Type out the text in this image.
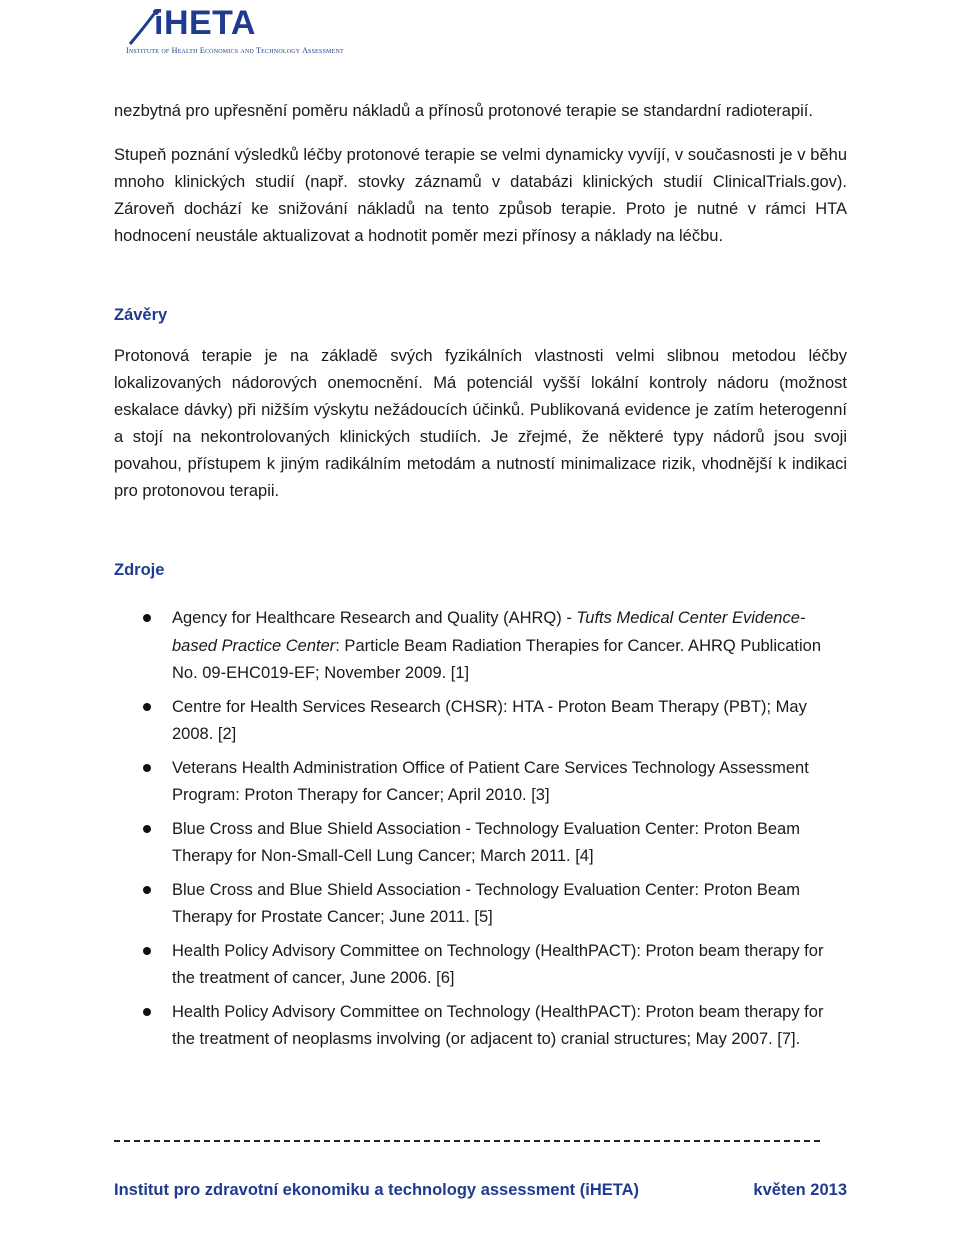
iHETA
Institute of Health Economics and Technology Assessment

nezbytná pro upřesnění poměru nákladů a přínosů protonové terapie se standardní radioterapií.

Stupeň poznání výsledků léčby protonové terapie se velmi dynamicky vyvíjí, v současnosti je v běhu mnoho klinických studií (např. stovky záznamů v databázi klinických studií ClinicalTrials.gov). Zároveň dochází ke snižování nákladů na tento způsob terapie. Proto je nutné v rámci HTA hodnocení neustále aktualizovat a hodnotit poměr mezi přínosy a náklady na léčbu.

Závěry

Protonová terapie je na základě svých fyzikálních vlastnosti velmi slibnou metodou léčby lokalizovaných nádorových onemocnění. Má potenciál vyšší lokální kontroly nádoru (možnost eskalace dávky) při nižším výskytu nežádoucích účinků. Publikovaná evidence je zatím heterogenní a stojí na nekontrolovaných klinických studiích. Je zřejmé, že některé typy nádorů jsou svoji povahou, přístupem k jiným radikálním metodám a nutností minimalizace rizik, vhodnější k indikaci pro protonovou terapii.

Zdroje

Agency for Healthcare Research and Quality (AHRQ) - Tufts Medical Center Evidence-based Practice Center: Particle Beam Radiation Therapies for Cancer. AHRQ Publication No. 09-EHC019-EF; November 2009. [1]
Centre for Health Services Research (CHSR): HTA - Proton Beam Therapy (PBT); May 2008. [2]
Veterans Health Administration Office of Patient Care Services Technology Assessment Program: Proton Therapy for Cancer; April 2010. [3]
Blue Cross and Blue Shield Association - Technology Evaluation Center: Proton Beam Therapy for Non-Small-Cell Lung Cancer; March 2011. [4]
Blue Cross and Blue Shield Association - Technology Evaluation Center: Proton Beam Therapy for Prostate Cancer; June 2011. [5]
Health Policy Advisory Committee on Technology (HealthPACT): Proton beam therapy for the treatment of cancer, June 2006. [6]
Health Policy Advisory Committee on Technology (HealthPACT): Proton beam therapy for the treatment of neoplasms involving (or adjacent to) cranial structures; May 2007. [7].
Institut pro zdravotní ekonomiku a technology assessment (iHETA)	květen 2013
